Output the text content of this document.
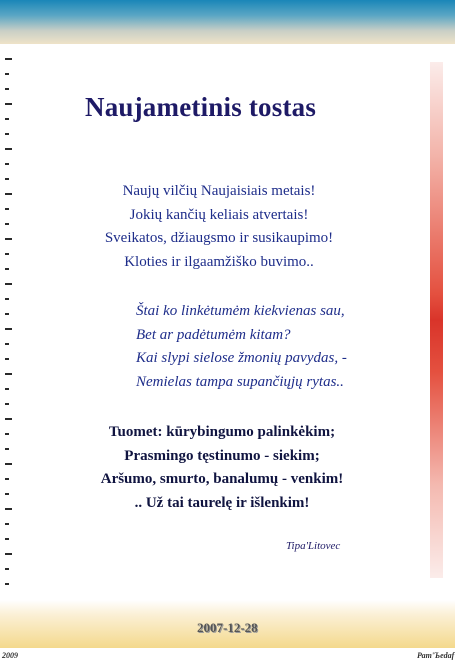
Naujametinis tostas
Naujų vilčių Naujaisiais metais!
Jokių kančių keliais atvertais!
Sveikatos, džiaugsmo ir susikaupimo!
Kloties ir ilgaamžiško buvimo..
Štai ko linkėtumėm kiekvienas sau,
Bet ar padėtumėm kitam?
Kai slypi sielose žmonių pavydas, -
Nemielas tampa supančiųjų rytas..
Tuomet: kūrybingumo palinkėkim;
Prasmingo tęstinumo - siekim;
Aršumo, smurto, banalumų - venkim!
.. Už tai taurelę ir išlenkim!
Tipa'Litovec
2007-12-28
2009	Раm'Ъedaf
